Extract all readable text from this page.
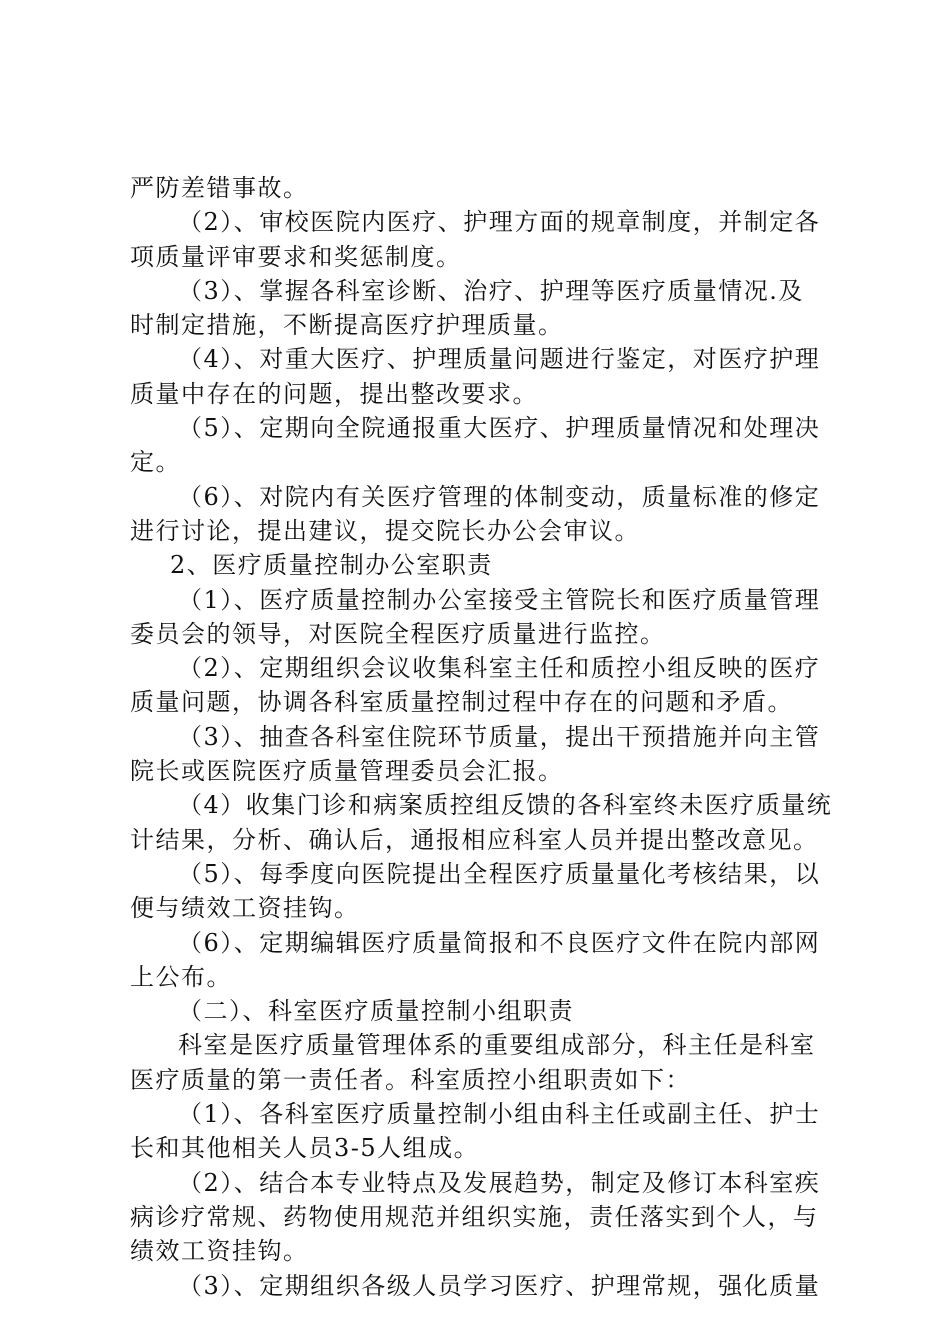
严防差错事故。
（2）、审校医院内医疗、护理方面的规章制度，并制定各
项质量评审要求和奖惩制度。
（3）、掌握各科室诊断、治疗、护理等医疗质量情况.及
时制定措施，不断提高医疗护理质量。
（4）、对重大医疗、护理质量问题进行鉴定，对医疗护理
质量中存在的问题，提出整改要求。
（5）、定期向全院通报重大医疗、护理质量情况和处理决
定。
（6）、对院内有关医疗管理的体制变动，质量标准的修定
进行讨论，提出建议，提交院长办公会审议。
2、医疗质量控制办公室职责
（1）、医疗质量控制办公室接受主管院长和医疗质量管理
委员会的领导，对医院全程医疗质量进行监控。
（2）、定期组织会议收集科室主任和质控小组反映的医疗
质量问题，协调各科室质量控制过程中存在的问题和矛盾。
（3）、抽查各科室住院环节质量，提出干预措施并向主管
院长或医院医疗质量管理委员会汇报。
（4）收集门诊和病案质控组反馈的各科室终未医疗质量统
计结果，分析、确认后，通报相应科室人员并提出整改意见。
（5）、每季度向医院提出全程医疗质量量化考核结果，以
便与绩效工资挂钩。
（6）、定期编辑医疗质量简报和不良医疗文件在院内部网
上公布。
（二）、科室医疗质量控制小组职责
科室是医疗质量管理体系的重要组成部分，科主任是科室
医疗质量的第一责任者。科室质控小组职责如下：
（1）、各科室医疗质量控制小组由科主任或副主任、护士
长和其他相关人员3-5人组成。
（2）、结合本专业特点及发展趋势，制定及修订本科室疾
病诊疗常规、药物使用规范并组织实施，责任落实到个人，与
绩效工资挂钩。
（3）、定期组织各级人员学习医疗、护理常规，强化质量
